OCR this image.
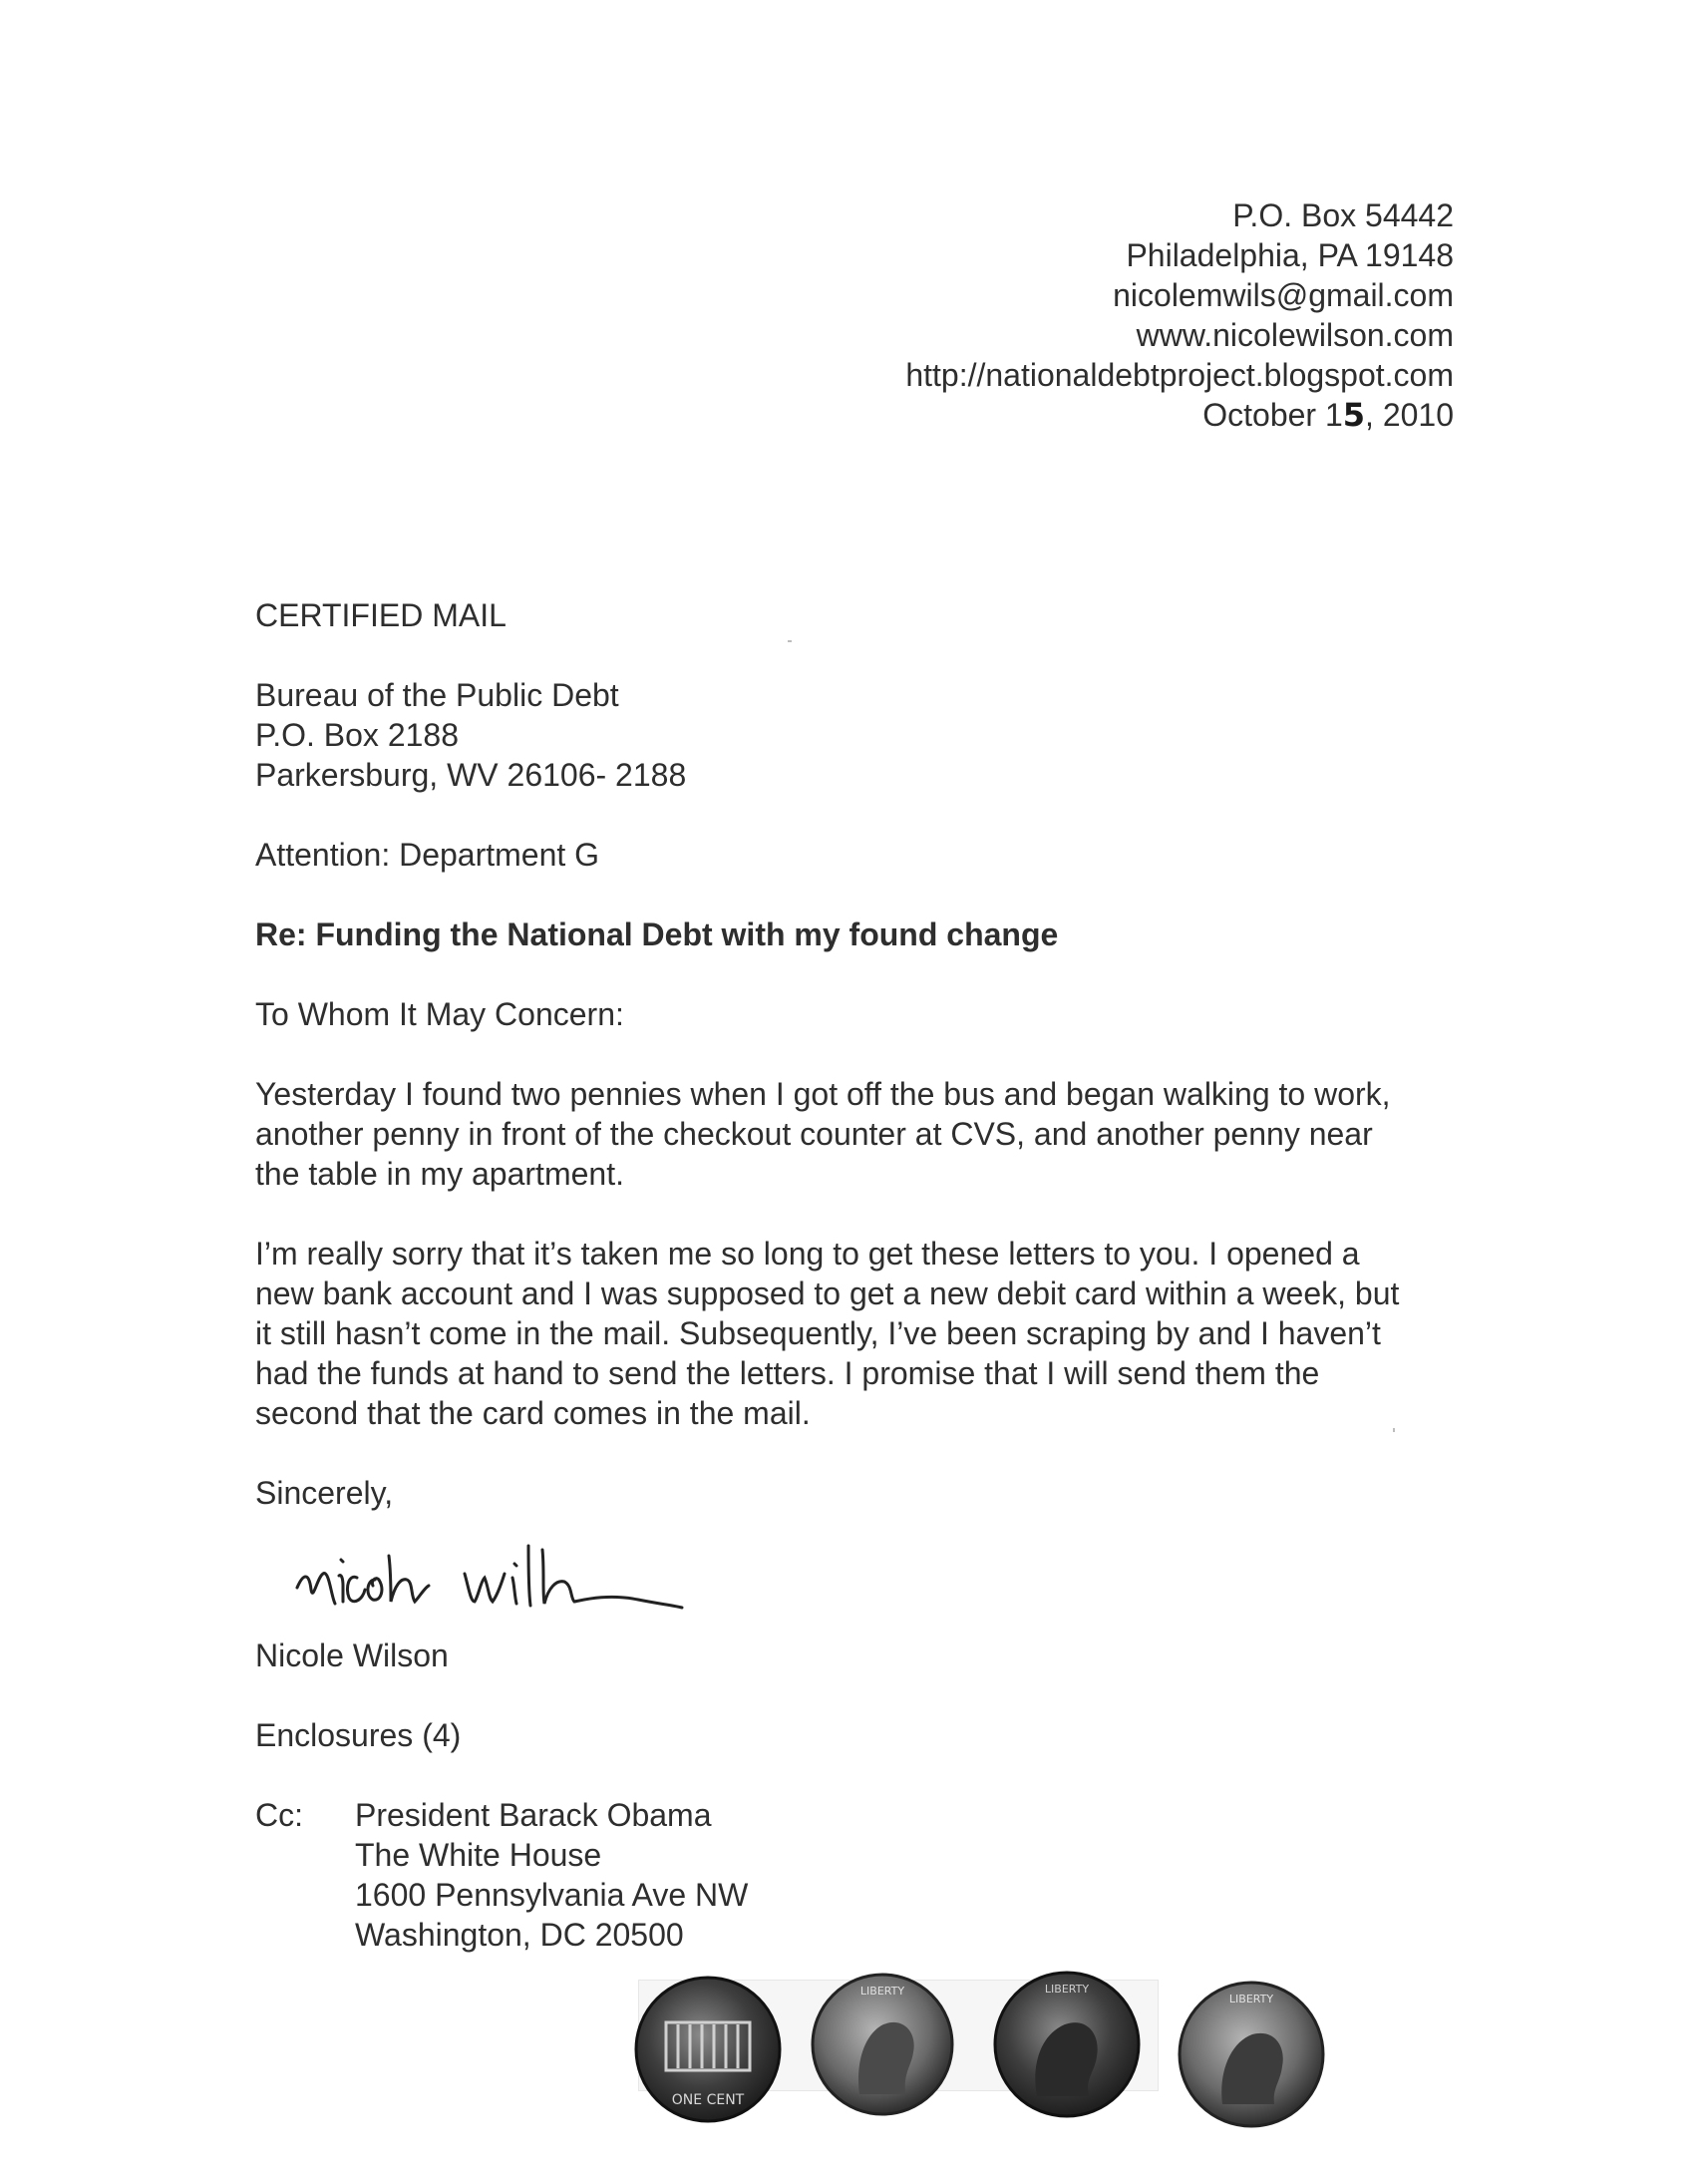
P.O. Box 54442
Philadelphia, PA 19148
nicolemwils@gmail.com
www.nicolewilson.com
http://nationaldebtproject.blogspot.com
October 15, 2010
CERTIFIED MAIL
Bureau of the Public Debt
P.O. Box 2188
Parkersburg, WV 26106- 2188
Attention: Department G
Re: Funding the National Debt with my found change
To Whom It May Concern:
Yesterday I found two pennies when I got off the bus and began walking to work,
another penny in front of the checkout counter at CVS, and another penny near
the table in my apartment.
I’m really sorry that it’s taken me so long to get these letters to you. I opened a
new bank account and I was supposed to get a new debit card within a week, but
it still hasn’t come in the mail. Subsequently, I’ve been scraping by and I haven’t
had the funds at hand to send the letters. I promise that I will send them the
second that the card comes in the mail.
Sincerely,
Nicole Wilson
Enclosures (4)
Cc: President Barack Obama
The White House
1600 Pennsylvania Ave NW
Washington, DC 20500
ONE CENT
LIBERTY	LIBERTY
LIBERTY
